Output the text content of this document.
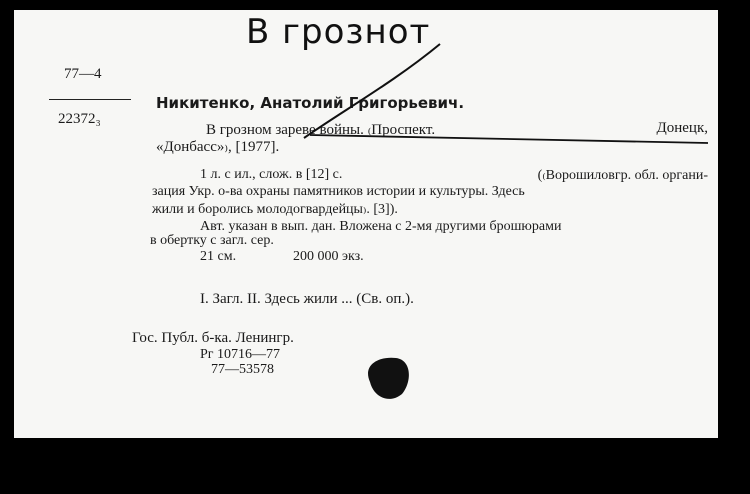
В грознот
77—4
22372₃
Никитенко, Анатолий Григорьевич.
В грозном зареве войны. ₍Проспект.	Донецк,
«Донбасс»₎, [1977].
1 л. с ил., слож. в [12] с.	(₍Ворошиловгр. обл. органи-
зация Укр. о-ва охраны памятников истории и культуры. Здесь
жили и боролись молодогвардейцы₎. [3]).
Авт. указан в вып. дан. Вложена с 2-мя другими брошюрами
в обертку с загл. сер.
21 см.	200 000 экз.
I. Загл. II. Здесь жили ... (Св. оп.).
Гос. Публ. б-ка. Ленингр.
Рг 10716—77
77—53578
